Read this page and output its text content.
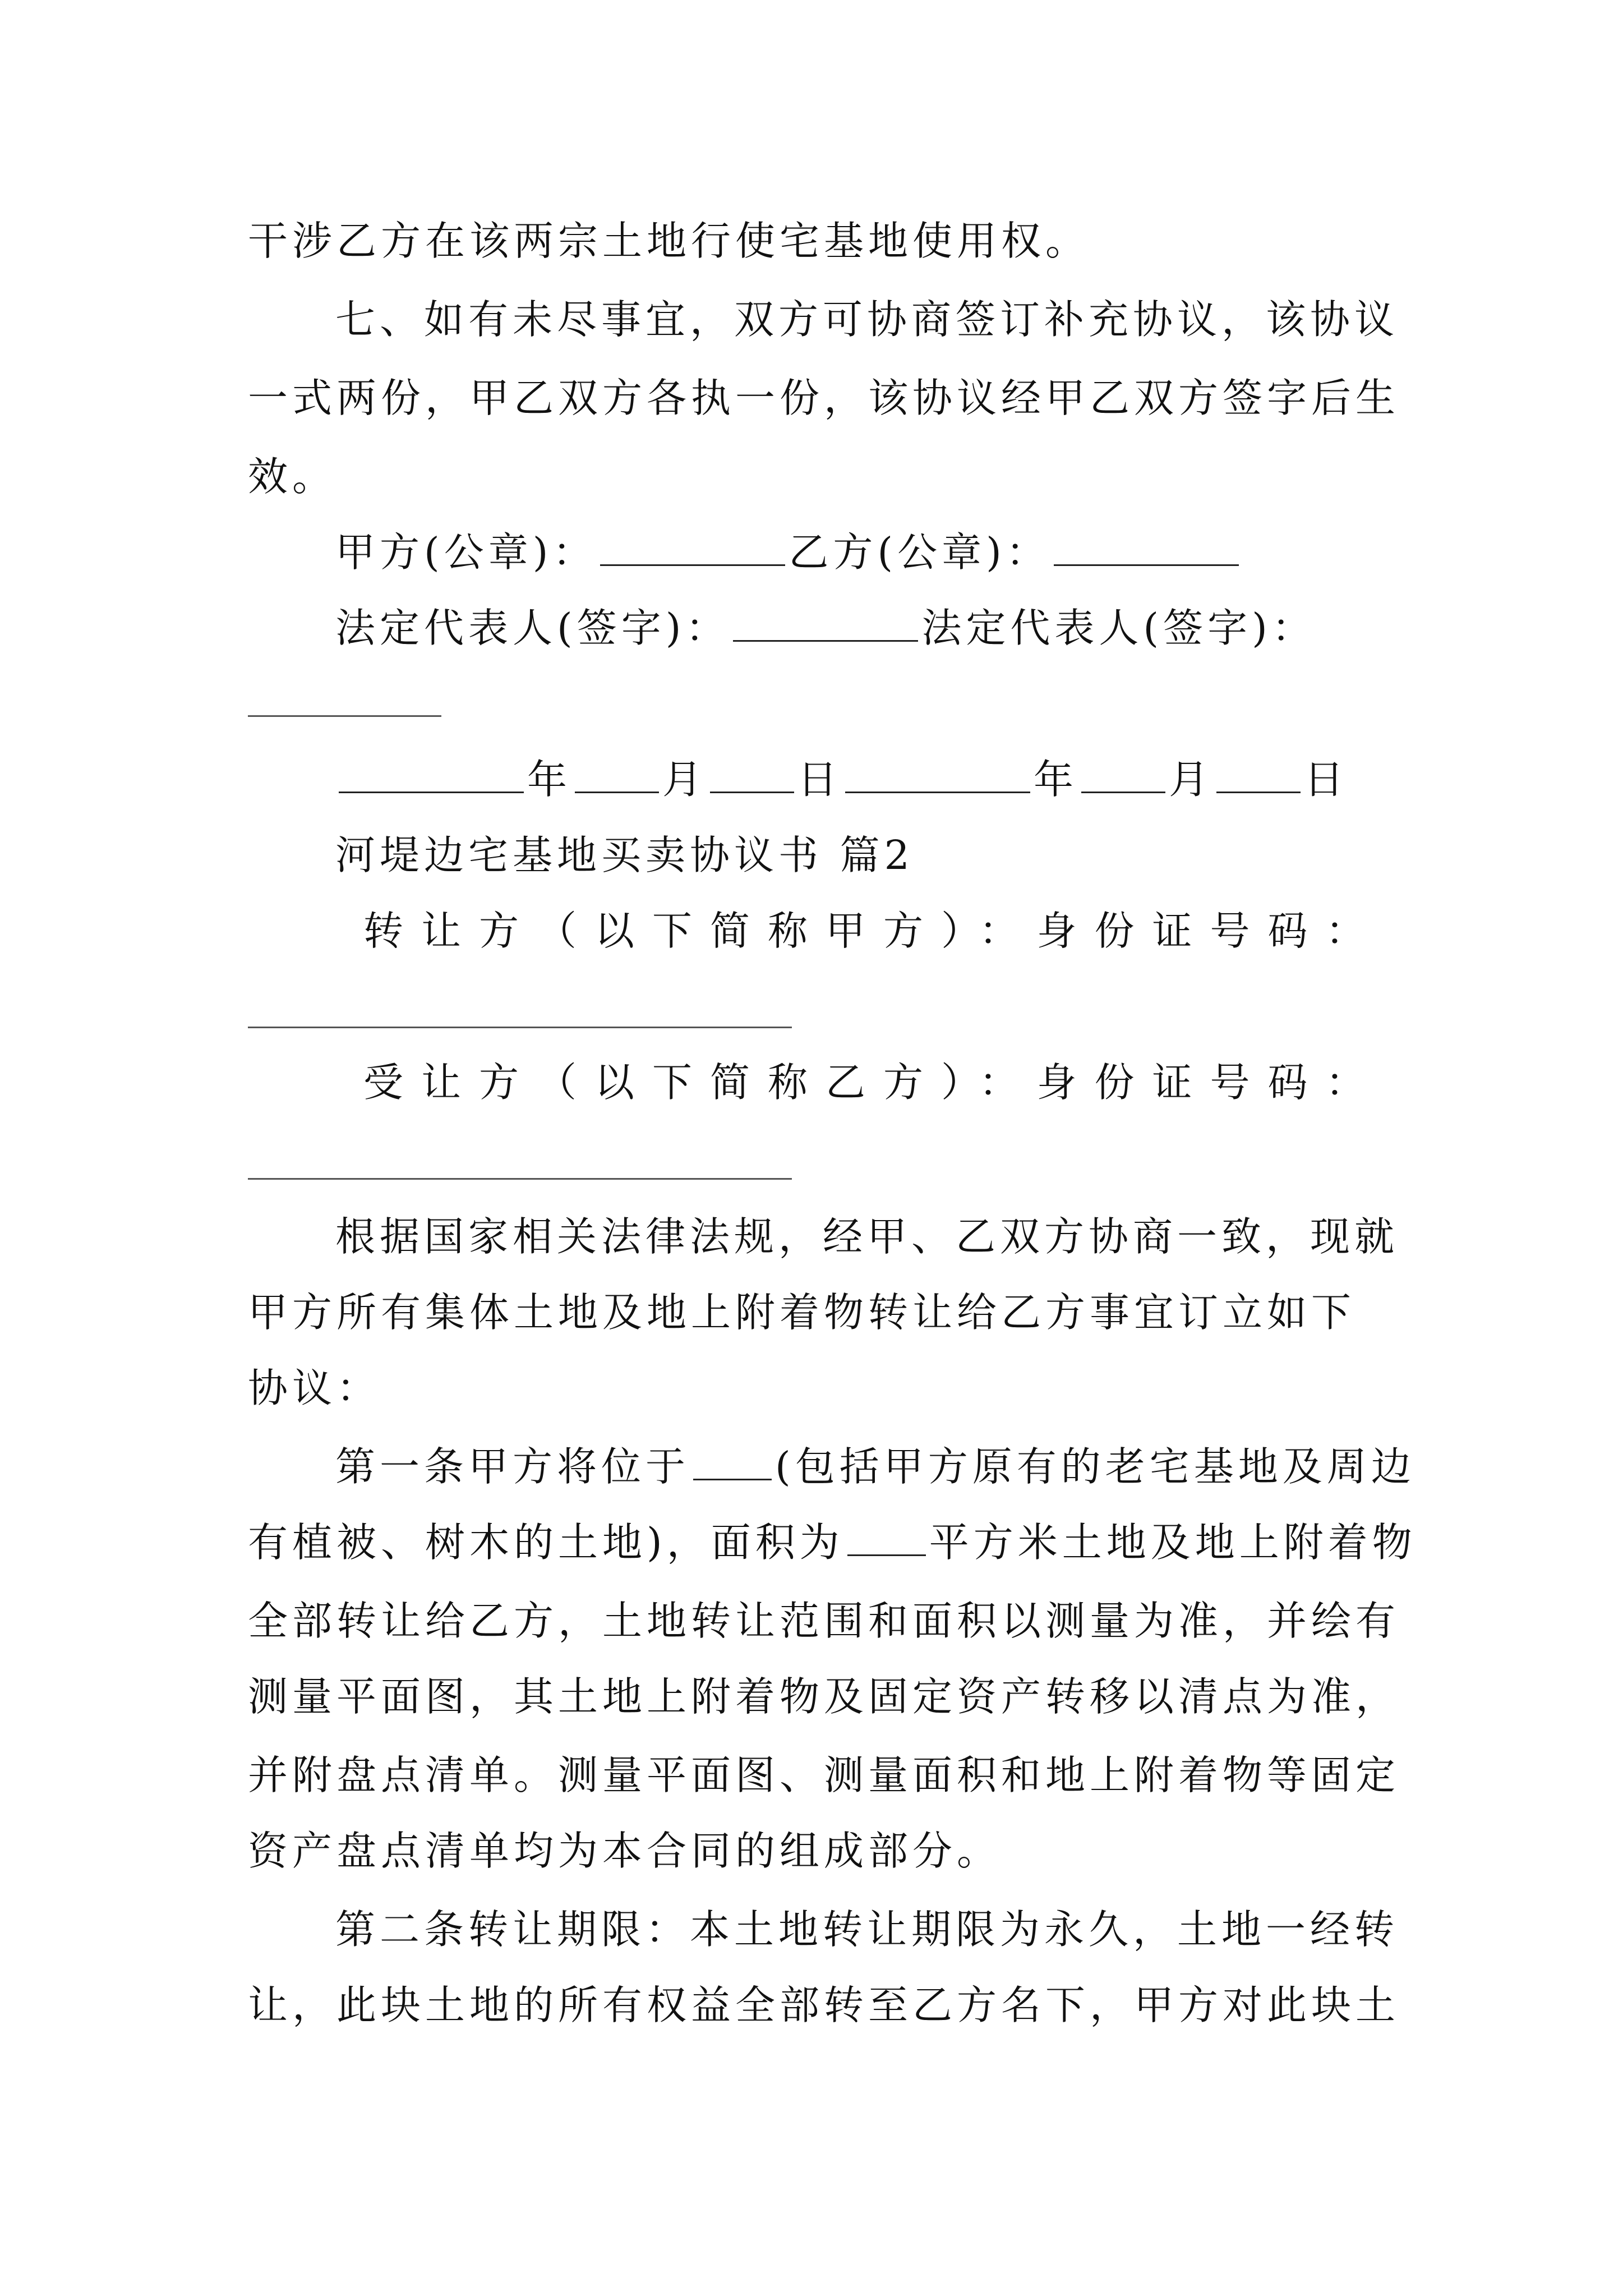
干涉乙方在该两宗土地行使宅基地使用权。
七、如有未尽事宜，双方可协商签订补充协议，该协议
一式两份，甲乙双方各执一份，该协议经甲乙双方签字后生
效。
甲方(公章)：	乙方(公章)：
法定代表人(签字)：	法定代表人(签字)：
年 月 日	年 月 日
河堤边宅基地买卖协议书 篇2
转让方（以下简称甲方）：身份证号码：
受让方（以下简称乙方）：身份证号码：
根据国家相关法律法规，经甲、乙双方协商一致，现就
甲方所有集体土地及地上附着物转让给乙方事宜订立如下
协议：
第一条甲方将位于 (包括甲方原有的老宅基地及周边
有植被、树木的土地)，面积为 平方米土地及地上附着物
全部转让给乙方，土地转让范围和面积以测量为准，并绘有
测量平面图，其土地上附着物及固定资产转移以清点为准，
并附盘点清单。测量平面图、测量面积和地上附着物等固定
资产盘点清单均为本合同的组成部分。
第二条转让期限：本土地转让期限为永久，土地一经转
让，此块土地的所有权益全部转至乙方名下，甲方对此块土
